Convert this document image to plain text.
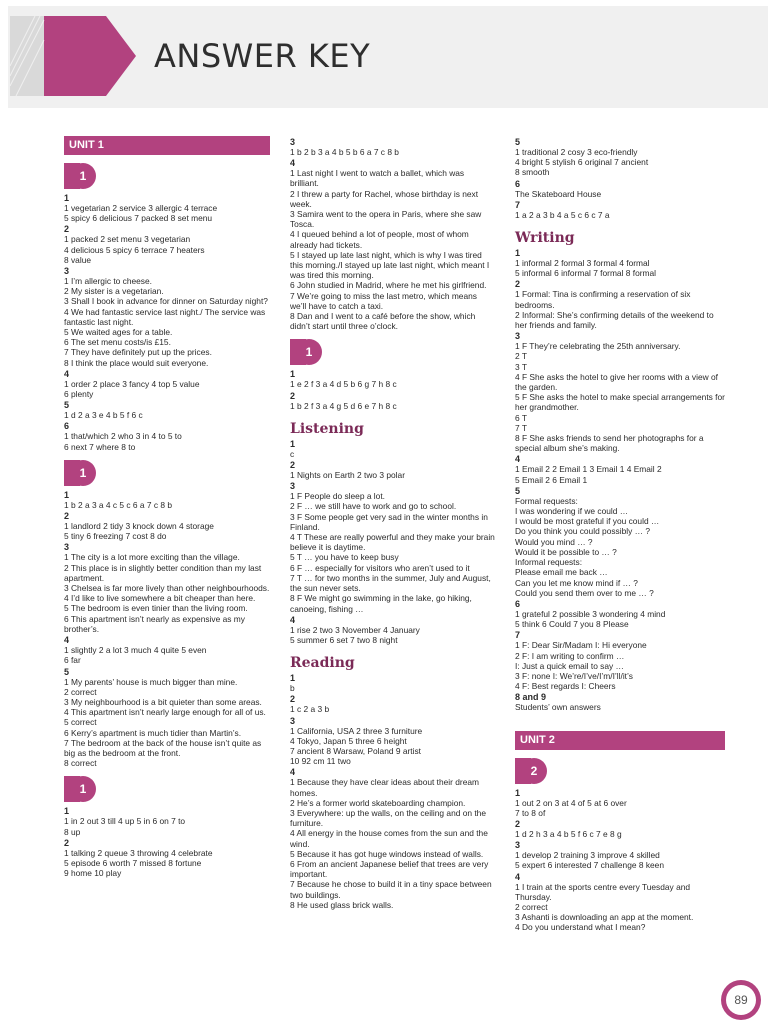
ANSWER KEY
UNIT 1
1
1
1 vegetarian 2 service 3 allergic 4 terrace
5 spicy 6 delicious 7 packed 8 set menu
2
1 packed 2 set menu 3 vegetarian
4 delicious 5 spicy 6 terrace 7 heaters
8 value
3
1 I’m allergic to cheese.
2 My sister is a vegetarian.
3 Shall I book in advance for dinner on Saturday night?
4 We had fantastic service last night./ The service was fantastic last night.
5 We waited ages for a table.
6 The set menu costs/is £15.
7 They have definitely put up the prices.
8 I think the place would suit everyone.
4
1 order 2 place 3 fancy 4 top 5 value
6 plenty
5
1 d 2 a 3 e 4 b 5 f 6 c
6
1 that/which 2 who 3 in 4 to 5 to
6 next 7 where 8 to
1
1
1 b 2 a 3 a 4 c 5 c 6 a 7 c 8 b
2
1 landlord 2 tidy 3 knock down 4 storage
5 tiny 6 freezing 7 cost 8 do
3
1 The city is a lot more exciting than the village.
2 This place is in slightly better condition than my last apartment.
3 Chelsea is far more lively than other neighbourhoods.
4 I’d like to live somewhere a bit cheaper than here.
5 The bedroom is even tinier than the living room.
6 This apartment isn’t nearly as expensive as my brother’s.
4
1 slightly 2 a lot 3 much 4 quite 5 even
6 far
5
1 My parents’ house is much bigger than mine.
2 correct
3 My neighbourhood is a bit quieter than some areas.
4 This apartment isn’t nearly large enough for all of us.
5 correct
6 Kerry’s apartment is much tidier than Martin’s.
7 The bedroom at the back of the house isn’t quite as big as the bedroom at the front.
8 correct
1
1
1 in 2 out 3 till 4 up 5 in 6 on 7 to
8 up
2
1 talking 2 queue 3 throwing 4 celebrate
5 episode 6 worth 7 missed 8 fortune
9 home 10 play
3
1 b 2 b 3 a 4 b 5 b 6 a 7 c 8 b
4
1 Last night I went to watch a ballet, which was brilliant.
2 I threw a party for Rachel, whose birthday is next week.
3 Samira went to the opera in Paris, where she saw Tosca.
4 I queued behind a lot of people, most of whom already had tickets.
5 I stayed up late last night, which is why I was tired this morning./I stayed up late last night, which meant I was tired this morning.
6 John studied in Madrid, where he met his girlfriend.
7 We’re going to miss the last metro, which means we’ll have to catch a taxi.
8 Dan and I went to a café before the show, which didn’t start until three o’clock.
1
1
1 e 2 f 3 a 4 d 5 b 6 g 7 h 8 c
2
1 b 2 f 3 a 4 g 5 d 6 e 7 h 8 c
Listening
1
c
2
1 Nights on Earth 2 two 3 polar
3
1 F People do sleep a lot.
2 F … we still have to work and go to school.
3 F Some people get very sad in the winter months in Finland.
4 T These are really powerful and they make your brain believe it is daytime.
5 T … you have to keep busy
6 F … especially for visitors who aren’t used to it
7 T … for two months in the summer, July and August, the sun never sets.
8 F We might go swimming in the lake, go hiking, canoeing, fishing …
4
1 rise 2 two 3 November 4 January
5 summer 6 set 7 two 8 night
Reading
1
b
2
1 c 2 a 3 b
3
1 California, USA 2 three 3 furniture
4 Tokyo, Japan 5 three 6 height
7 ancient 8 Warsaw, Poland 9 artist
10 92 cm 11 two
4
1 Because they have clear ideas about their dream homes.
2 He’s a former world skateboarding champion.
3 Everywhere: up the walls, on the ceiling and on the furniture.
4 All energy in the house comes from the sun and the wind.
5 Because it has got huge windows instead of walls.
6 From an ancient Japanese belief that trees are very important.
7 Because he chose to build it in a tiny space between two buildings.
8 He used glass brick walls.
5
1 traditional 2 cosy 3 eco-friendly
4 bright 5 stylish 6 original 7 ancient
8 smooth
6
The Skateboard House
7
1 a 2 a 3 b 4 a 5 c 6 c 7 a
Writing
1
1 informal 2 formal 3 formal 4 formal
5 informal 6 informal 7 formal 8 formal
2
1 Formal: Tina is confirming a reservation of six bedrooms.
2 Informal: She’s confirming details of the weekend to her friends and family.
3
1 F They’re celebrating the 25th anniversary.
2 T
3 T
4 F She asks the hotel to give her rooms with a view of the garden.
5 F She asks the hotel to make special arrangements for her grandmother.
6 T
7 T
8 F She asks friends to send her photographs for a special album she’s making.
4
1 Email 2 2 Email 1 3 Email 1 4 Email 2
5 Email 2 6 Email 1
5
Formal requests:
I was wondering if we could …
I would be most grateful if you could …
Do you think you could possibly … ?
Would you mind … ?
Would it be possible to … ?
Informal requests:
Please email me back …
Can you let me know mind if … ?
Could you send them over to me … ?
6
1 grateful 2 possible 3 wondering 4 mind
5 think 6 Could 7 you 8 Please
7
1 F: Dear Sir/Madam I: Hi everyone
2 F: I am writing to confirm …
I: Just a quick email to say …
3 F: none I: We’re/I’ve/I’m/I’ll/it’s
4 F: Best regards I: Cheers
8 and 9
Students’ own answers
UNIT 2
2
1
1 out 2 on 3 at 4 of 5 at 6 over
7 to 8 of
2
1 d 2 h 3 a 4 b 5 f 6 c 7 e 8 g
3
1 develop 2 training 3 improve 4 skilled
5 expert 6 interested 7 challenge 8 keen
4
1 I train at the sports centre every Tuesday and Thursday.
2 correct
3 Ashanti is downloading an app at the moment.
4 Do you understand what I mean?
89
